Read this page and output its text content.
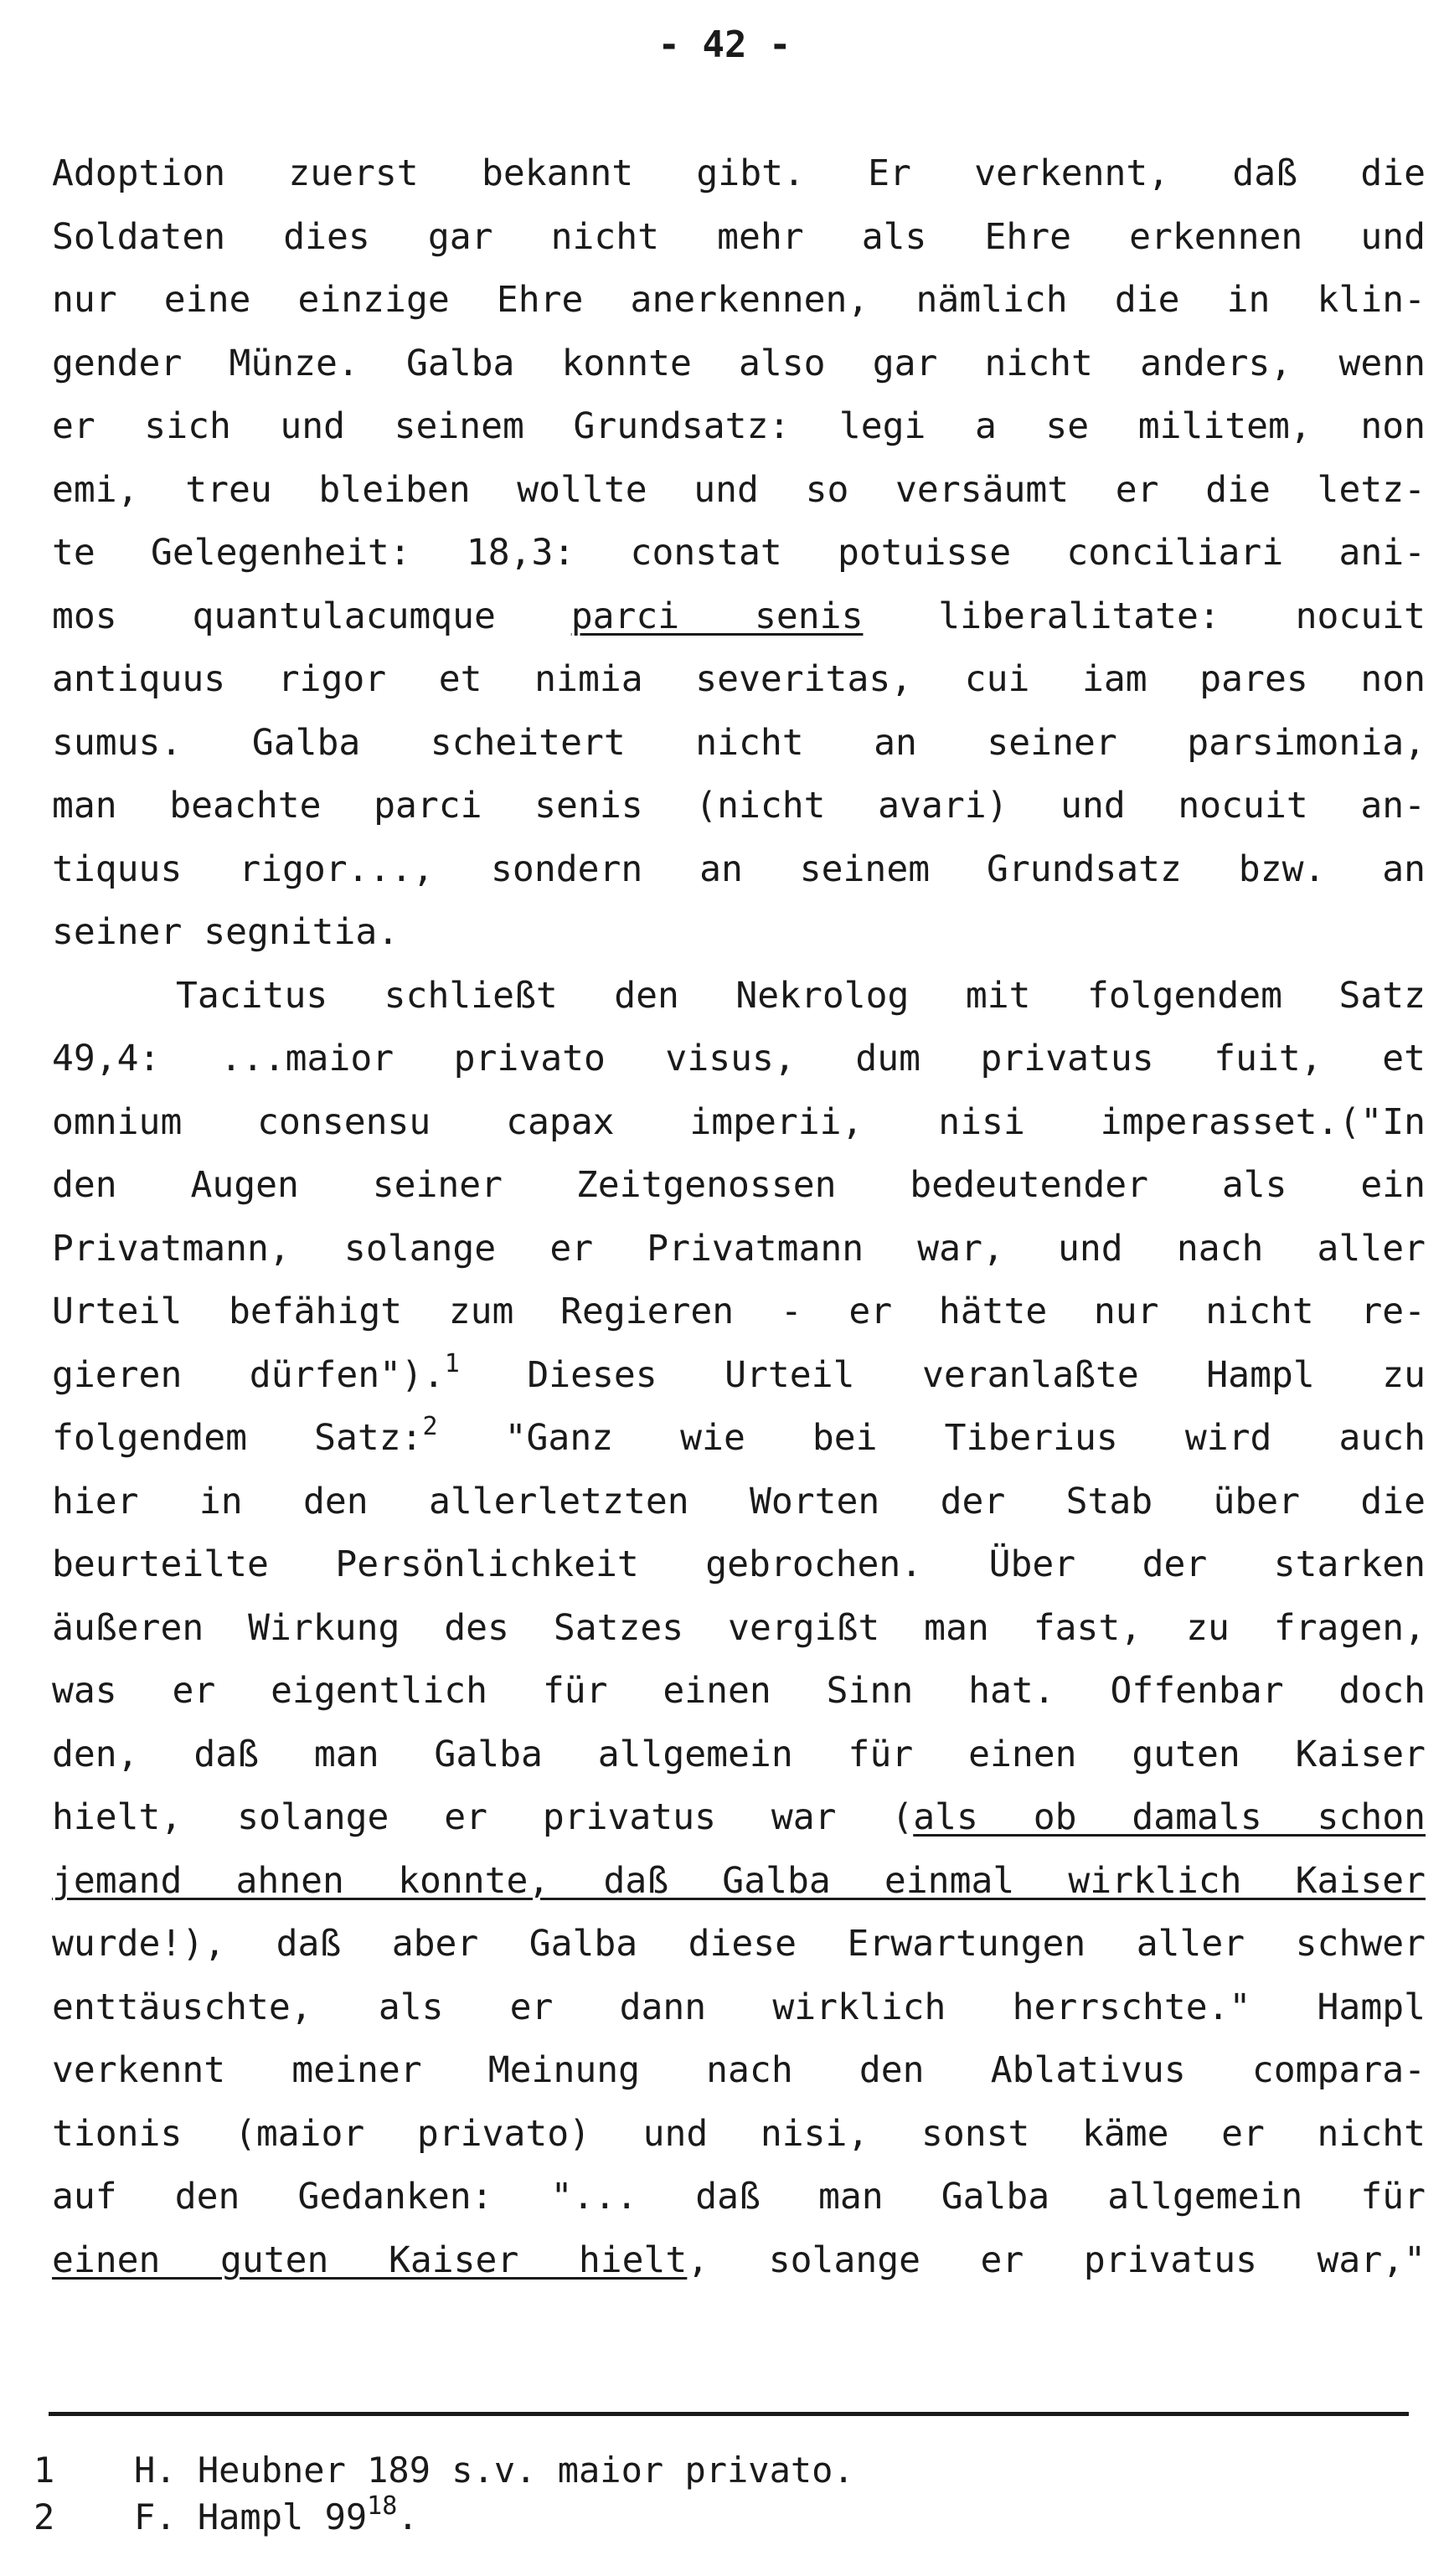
- 42 -
Adoption zuerst bekannt gibt. Er verkennt, daß die
Soldaten dies gar nicht mehr als Ehre erkennen und
nur eine einzige Ehre anerkennen, nämlich die in klin-
gender Münze. Galba konnte also gar nicht anders, wenn
er sich und seinem Grundsatz: legi a se militem, non
emi, treu bleiben wollte und so versäumt er die letz-
te Gelegenheit: 18,3: constat potuisse conciliari ani-
mos quantulacumque parci senis liberalitate: nocuit
antiquus rigor et nimia severitas, cui iam pares non
sumus. Galba scheitert nicht an seiner parsimonia,
man beachte parci senis (nicht avari) und nocuit an-
tiquus rigor..., sondern an seinem Grundsatz bzw. an
seiner segnitia.
Tacitus schließt den Nekrolog mit folgendem Satz
49,4: ...maior privato visus, dum privatus fuit, et
omnium consensu capax imperii, nisi imperasset.("In
den Augen seiner Zeitgenossen bedeutender als ein
Privatmann, solange er Privatmann war, und nach aller
Urteil befähigt zum Regieren - er hätte nur nicht re-
gieren dürfen").$^1$ Dieses Urteil veranlaßte Hampl zu
folgendem Satz:$^2$ "Ganz wie bei Tiberius wird auch
hier in den allerletzten Worten der Stab über die
beurteilte Persönlichkeit gebrochen. Über der starken
äußeren Wirkung des Satzes vergißt man fast, zu fragen,
was er eigentlich für einen Sinn hat. Offenbar doch
den, daß man Galba allgemein für einen guten Kaiser
hielt, solange er privatus war (als ob damals schon
jemand ahnen konnte, daß Galba einmal wirklich Kaiser
wurde!), daß aber Galba diese Erwartungen aller schwer
enttäuschte, als er dann wirklich herrschte." Hampl
verkennt meiner Meinung nach den Ablativus compara-
tionis (maior privato) und nisi, sonst käme er nicht
auf den Gedanken: "... daß man Galba allgemein für
einen guten Kaiser hielt, solange er privatus war,"
1	H. Heubner 189 s.v. maior privato.
2	F. Hampl $99^{18}$.
